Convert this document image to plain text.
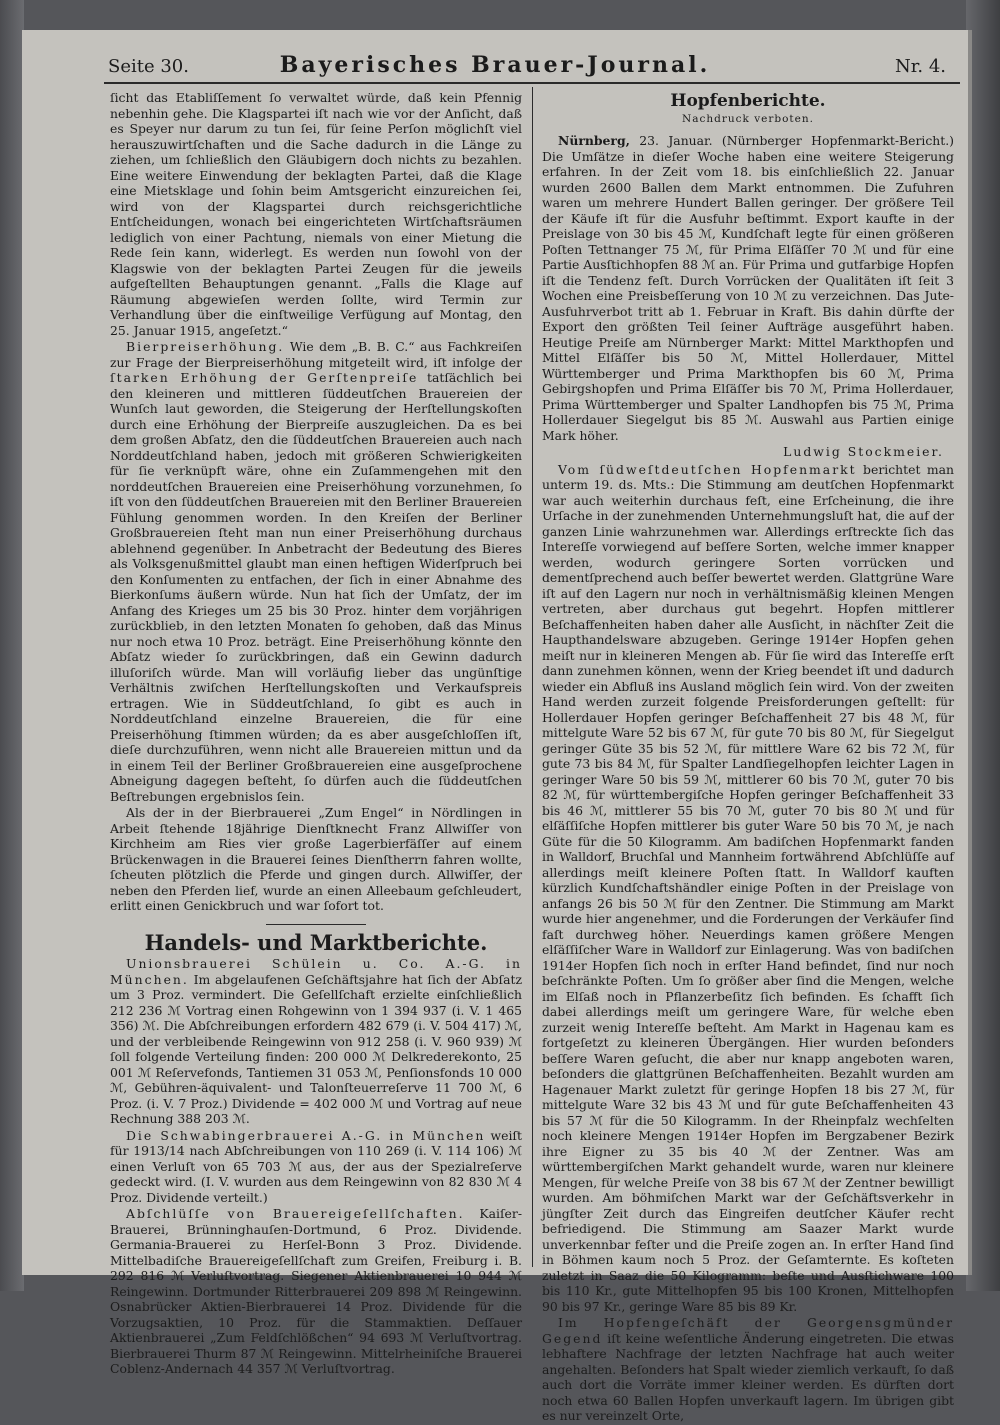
Seite 30.	Bayerisches Brauer-Journal.	Nr. 4.

ſicht das Etabliſſement ſo verwaltet würde, daß kein Pfennig nebenhin gehe. Die Klagspartei iſt nach wie vor der Anſicht, daß es Speyer nur darum zu tun ſei, für ſeine Perſon möglichſt viel herauszuwirtſchaften und die Sache dadurch in die Länge zu ziehen, um ſchließlich den Gläubigern doch nichts zu bezahlen. Eine weitere Einwendung der beklagten Partei, daß die Klage eine Mietsklage und ſohin beim Amtsgericht einzureichen ſei, wird von der Klagspartei durch reichsgerichtliche Entſcheidungen, wonach bei eingerichteten Wirtſchaftsräumen lediglich von einer Pachtung, niemals von einer Mietung die Rede ſein kann, widerlegt. Es werden nun ſowohl von der Klagswie von der beklagten Partei Zeugen für die jeweils aufgeſtellten Behauptungen genannt. „Falls die Klage auf Räumung abgewieſen werden ſollte, wird Termin zur Verhandlung über die einſtweilige Verfügung auf Montag, den 25. Januar 1915, angeſetzt.“

Bierpreiserhöhung. Wie dem „B. B. C.“ aus Fachkreiſen zur Frage der Bierpreiserhöhung mitgeteilt wird, iſt infolge der ſtarken Erhöhung der Gerſtenpreiſe tatſächlich bei den kleineren und mittleren ſüddeutſchen Brauereien der Wunſch laut geworden, die Steigerung der Herſtellungskoſten durch eine Erhöhung der Bierpreiſe auszugleichen. Da es bei dem großen Abſatz, den die ſüddeutſchen Brauereien auch nach Norddeutſchland haben, jedoch mit größeren Schwierigkeiten für ſie verknüpft wäre, ohne ein Zuſammengehen mit den norddeutſchen Brauereien eine Preiserhöhung vorzunehmen, ſo iſt von den ſüddeutſchen Brauereien mit den Berliner Brauereien Fühlung genommen worden. In den Kreiſen der Berliner Großbrauereien ſteht man nun einer Preiserhöhung durchaus ablehnend gegenüber. In Anbetracht der Bedeutung des Bieres als Volksgenußmittel glaubt man einen heftigen Widerſpruch bei den Konſumenten zu entfachen, der ſich in einer Abnahme des Bierkonſums äußern würde. Nun hat ſich der Umſatz, der im Anfang des Krieges um 25 bis 30 Proz. hinter dem vorjährigen zurückblieb, in den letzten Monaten ſo gehoben, daß das Minus nur noch etwa 10 Proz. beträgt. Eine Preiserhöhung könnte den Abſatz wieder ſo zurückbringen, daß ein Gewinn dadurch illuſoriſch würde. Man will vorläufig lieber das ungünſtige Verhältnis zwiſchen Herſtellungskoſten und Verkaufspreis ertragen. Wie in Süddeutſchland, ſo gibt es auch in Norddeutſchland einzelne Brauereien, die für eine Preiserhöhung ſtimmen würden; da es aber ausgeſchloſſen iſt, dieſe durchzuführen, wenn nicht alle Brauereien mittun und da in einem Teil der Berliner Großbrauereien eine ausgeſprochene Abneigung dagegen beſteht, ſo dürfen auch die ſüddeutſchen Beſtrebungen ergebnislos ſein.

Als der in der Bierbrauerei „Zum Engel“ in Nördlingen in Arbeit ſtehende 18jährige Dienſtknecht Franz Allwiſſer von Kirchheim am Ries vier große Lagerbierfäſſer auf einem Brückenwagen in die Brauerei ſeines Dienſtherrn fahren wollte, ſcheuten plötzlich die Pferde und gingen durch. Allwiſſer, der neben den Pferden lief, wurde an einen Alleebaum geſchleudert, erlitt einen Genickbruch und war ſofort tot.

Handels- und Marktberichte.

Unionsbrauerei Schülein u. Co. A.-G. in München. Im abgelaufenen Geſchäftsjahre hat ſich der Abſatz um 3 Proz. vermindert. Die Geſellſchaft erzielte einſchließlich 212 236 ℳ Vortrag einen Rohgewinn von 1 394 937 (i. V. 1 465 356) ℳ. Die Abſchreibungen erfordern 482 679 (i. V. 504 417) ℳ, und der verbleibende Reingewinn von 912 258 (i. V. 960 939) ℳ ſoll folgende Verteilung finden: 200 000 ℳ Delkrederekonto, 25 001 ℳ Reſervefonds, Tantiemen 31 053 ℳ, Penſionsfonds 10 000 ℳ, Gebühren-äquivalent- und Talonſteuerreſerve 11 700 ℳ, 6 Proz. (i. V. 7 Proz.) Dividende = 402 000 ℳ und Vortrag auf neue Rechnung 388 203 ℳ.

Die Schwabingerbrauerei A.-G. in München weiſt für 1913/14 nach Abſchreibungen von 110 269 (i. V. 114 106) ℳ einen Verluſt von 65 703 ℳ aus, der aus der Spezialreſerve gedeckt wird. (I. V. wurden aus dem Reingewinn von 82 830 ℳ 4 Proz. Dividende verteilt.)

Abſchlüſſe von Brauereigeſellſchaften. Kaiſer-Brauerei, Brünninghauſen-Dortmund, 6 Proz. Dividende. Germania-Brauerei zu Herſel-Bonn 3 Proz. Dividende. Mittelbadiſche Brauereigeſellſchaft zum Greifen, Freiburg i. B. 292 816 ℳ Verluſtvortrag. Siegener Aktienbrauerei 10 944 ℳ Reingewinn. Dortmunder Ritterbrauerei 209 898 ℳ Reingewinn. Osnabrücker Aktien-Bierbrauerei 14 Proz. Dividende für die Vorzugsaktien, 10 Proz. für die Stammaktien. Deſſauer Aktienbrauerei „Zum Feldſchlößchen“ 94 693 ℳ Verluſtvortrag. Bierbrauerei Thurm 87 ℳ Reingewinn. Mittelrheiniſche Brauerei Coblenz-Andernach 44 357 ℳ Verluſtvortrag.

Hopfenberichte.
Nachdruck verboten.

Nürnberg, 23. Januar. (Nürnberger Hopfenmarkt-Bericht.) Die Umſätze in dieſer Woche haben eine weitere Steigerung erfahren. In der Zeit vom 18. bis einſchließlich 22. Januar wurden 2600 Ballen dem Markt entnommen. Die Zufuhren waren um mehrere Hundert Ballen geringer. Der größere Teil der Käufe iſt für die Ausfuhr beſtimmt. Export kaufte in der Preislage von 30 bis 45 ℳ, Kundſchaft legte für einen größeren Poſten Tettnanger 75 ℳ, für Prima Elſäſſer 70 ℳ und für eine Partie Ausſtichhopfen 88 ℳ an. Für Prima und gutfarbige Hopfen iſt die Tendenz feſt. Durch Vorrücken der Qualitäten iſt ſeit 3 Wochen eine Preisbeſſerung von 10 ℳ zu verzeichnen. Das Jute-Ausfuhrverbot tritt ab 1. Februar in Kraft. Bis dahin dürfte der Export den größten Teil ſeiner Aufträge ausgeführt haben. Heutige Preiſe am Nürnberger Markt: Mittel Markthopfen und Mittel Elſäſſer bis 50 ℳ, Mittel Hollerdauer, Mittel Württemberger und Prima Markthopfen bis 60 ℳ, Prima Gebirgshopfen und Prima Elſäſſer bis 70 ℳ, Prima Hollerdauer, Prima Württemberger und Spalter Landhopfen bis 75 ℳ, Prima Hollerdauer Siegelgut bis 85 ℳ. Auswahl aus Partien einige Mark höher.

Ludwig Stockmeier.

Vom ſüdweſtdeutſchen Hopfenmarkt berichtet man unterm 19. ds. Mts.: Die Stimmung am deutſchen Hopfenmarkt war auch weiterhin durchaus feſt, eine Erſcheinung, die ihre Urſache in der zunehmenden Unternehmungsluſt hat, die auf der ganzen Linie wahrzunehmen war. Allerdings erſtreckte ſich das Intereſſe vorwiegend auf beſſere Sorten, welche immer knapper werden, wodurch geringere Sorten vorrücken und dementſprechend auch beſſer bewertet werden. Glattgrüne Ware iſt auf den Lagern nur noch in verhältnismäßig kleinen Mengen vertreten, aber durchaus gut begehrt. Hopfen mittlerer Beſchaffenheiten haben daher alle Ausſicht, in nächſter Zeit die Haupthandelsware abzugeben. Geringe 1914er Hopfen gehen meiſt nur in kleineren Mengen ab. Für ſie wird das Intereſſe erſt dann zunehmen können, wenn der Krieg beendet iſt und dadurch wieder ein Abfluß ins Ausland möglich ſein wird. Von der zweiten Hand werden zurzeit folgende Preisforderungen geſtellt: für Hollerdauer Hopfen geringer Beſchaffenheit 27 bis 48 ℳ, für mittelgute Ware 52 bis 67 ℳ, für gute 70 bis 80 ℳ, für Siegelgut geringer Güte 35 bis 52 ℳ, für mittlere Ware 62 bis 72 ℳ, für gute 73 bis 84 ℳ, für Spalter Landſiegelhopfen leichter Lagen in geringer Ware 50 bis 59 ℳ, mittlerer 60 bis 70 ℳ, guter 70 bis 82 ℳ, für württembergiſche Hopfen geringer Beſchaffenheit 33 bis 46 ℳ, mittlerer 55 bis 70 ℳ, guter 70 bis 80 ℳ und für elſäſſiſche Hopfen mittlerer bis guter Ware 50 bis 70 ℳ, je nach Güte für die 50 Kilogramm. Am badiſchen Hopfenmarkt fanden in Walldorf, Bruchſal und Mannheim fortwährend Abſchlüſſe auf allerdings meiſt kleinere Poſten ſtatt. In Walldorf kauften kürzlich Kundſchaftshändler einige Poſten in der Preislage von anfangs 26 bis 50 ℳ für den Zentner. Die Stimmung am Markt wurde hier angenehmer, und die Forderungen der Verkäufer ſind faſt durchweg höher. Neuerdings kamen größere Mengen elſäſſiſcher Ware in Walldorf zur Einlagerung. Was von badiſchen 1914er Hopfen ſich noch in erſter Hand befindet, ſind nur noch beſchränkte Poſten. Um ſo größer aber ſind die Mengen, welche im Elſaß noch in Pflanzerbeſitz ſich befinden. Es ſchafft ſich dabei allerdings meiſt um geringere Ware, für welche eben zurzeit wenig Intereſſe beſteht. Am Markt in Hagenau kam es fortgeſetzt zu kleineren Übergängen. Hier wurden beſonders beſſere Waren geſucht, die aber nur knapp angeboten waren, beſonders die glattgrünen Beſchaffenheiten. Bezahlt wurden am Hagenauer Markt zuletzt für geringe Hopfen 18 bis 27 ℳ, für mittelgute Ware 32 bis 43 ℳ und für gute Beſchaffenheiten 43 bis 57 ℳ für die 50 Kilogramm. In der Rheinpfalz wechſelten noch kleinere Mengen 1914er Hopfen im Bergzabener Bezirk ihre Eigner zu 35 bis 40 ℳ der Zentner. Was am württembergiſchen Markt gehandelt wurde, waren nur kleinere Mengen, für welche Preiſe von 38 bis 67 ℳ der Zentner bewilligt wurden. Am böhmiſchen Markt war der Geſchäftsverkehr in jüngſter Zeit durch das Eingreifen deutſcher Käufer recht befriedigend. Die Stimmung am Saazer Markt wurde unverkennbar feſter und die Preiſe zogen an. In erſter Hand ſind in Böhmen kaum noch 5 Proz. der Geſamternte. Es koſteten zuletzt in Saaz die 50 Kilogramm: beſte und Ausſtichware 100 bis 110 Kr., gute Mittelhopfen 95 bis 100 Kronen, Mittelhopfen 90 bis 97 Kr., geringe Ware 85 bis 89 Kr.

Im Hopfengeſchäft der Georgensgmünder Gegend iſt keine weſentliche Änderung eingetreten. Die etwas lebhaftere Nachfrage der letzten Nachfrage hat auch weiter angehalten. Beſonders hat Spalt wieder ziemlich verkauft, ſo daß auch dort die Vorräte immer kleiner werden. Es dürften dort noch etwa 60 Ballen Hopfen unverkauft lagern. Im übrigen gibt es nur vereinzelt Orte,
